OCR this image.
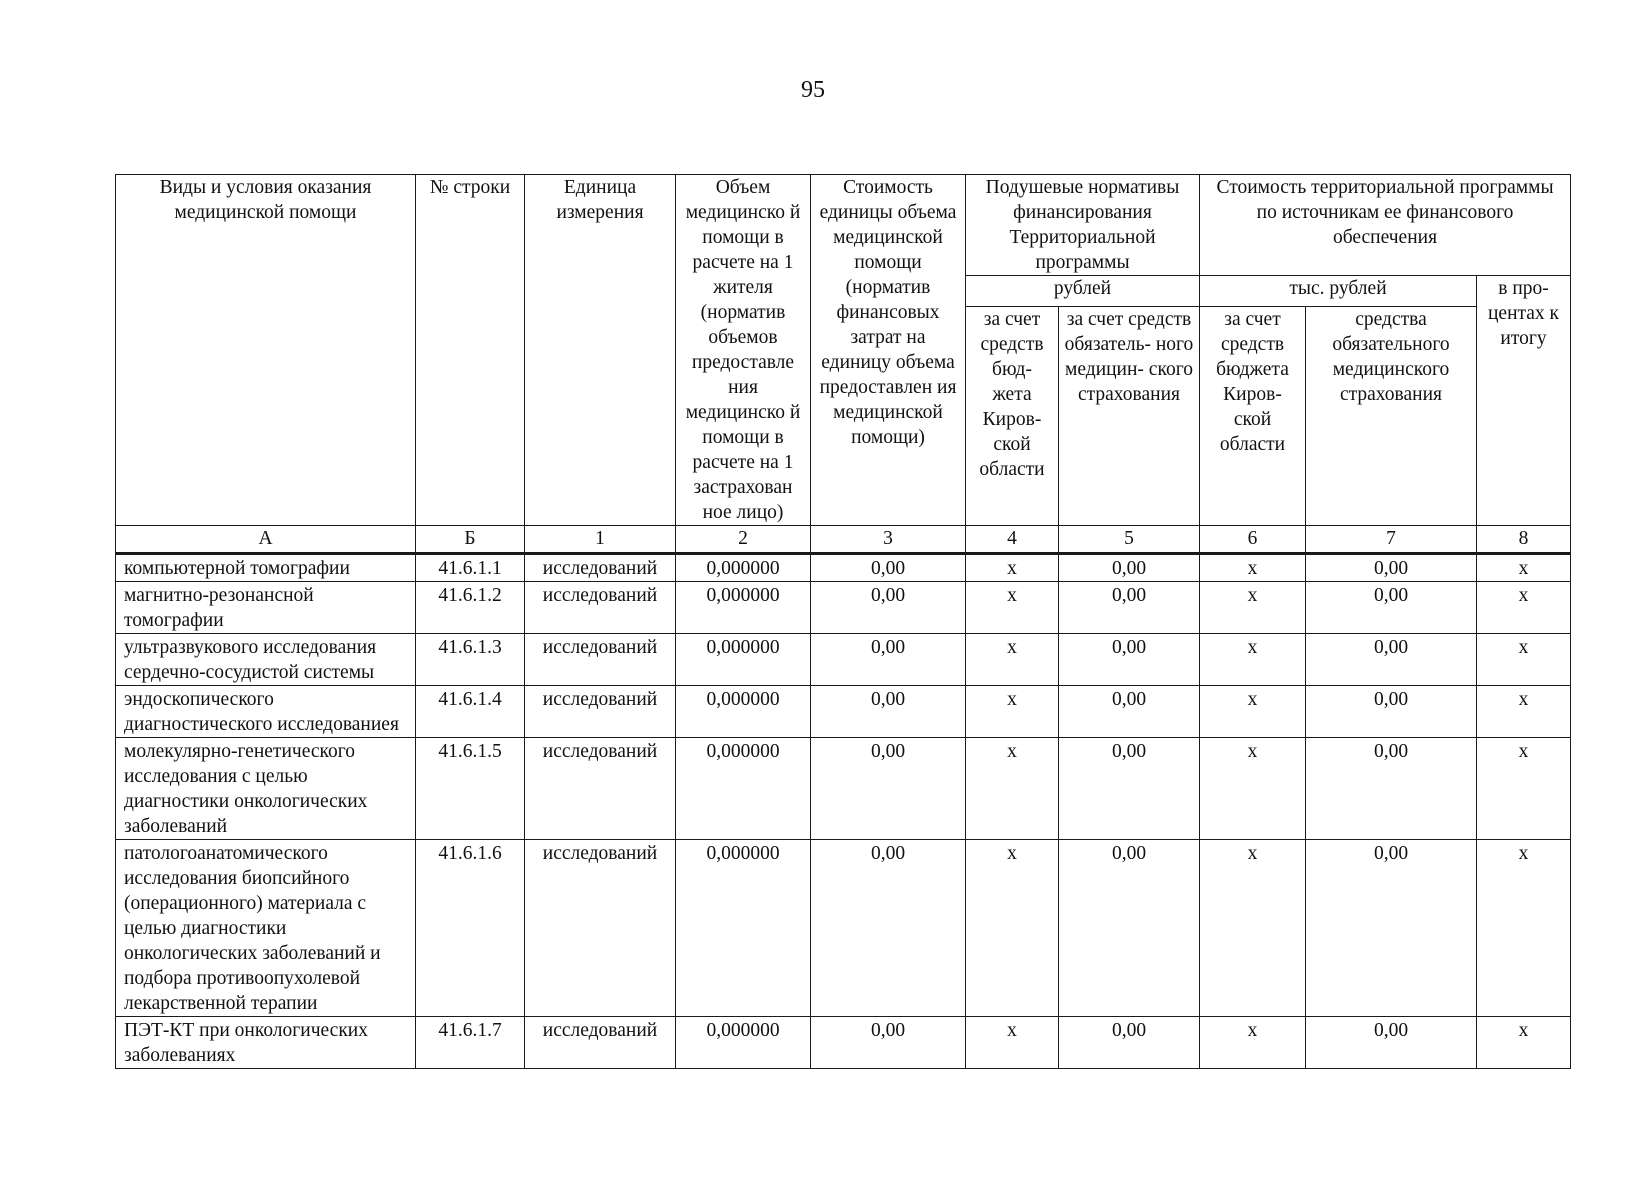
95
Виды и условия оказания медицинской помощи	№ строки	Единица измерения	Объем медицинско й помощи в расчете на 1 жителя (норматив объемов предоставле ния медицинско й помощи в расчете на 1 застрахован ное лицо)	Стоимость единицы объема медицинской помощи (норматив финансовых затрат на единицу объема предоставлен ия медицинской помощи)	Подушевые нормативы финансирования Территориальной программы		Стоимость территориальной программы по источникам ее финансового обеспечения		
					рублей		тыс. рублей		в про- центах к итогу
					за счет средств бюд- жета Киров- ской области	за счет средств обязатель- ного медицин- ского страхования	за счет средств бюджета Киров- ской области	средства обязательного медицинского страхования	
А	Б	1	2	3	4	5	6	7	8
компьютерной томографии	41.6.1.1	исследований	0,000000	0,00	х	0,00	х	0,00	х
магнитно-резонансной томографии	41.6.1.2	исследований	0,000000	0,00	х	0,00	х	0,00	х
ультразвукового исследования сердечно-сосудистой системы	41.6.1.3	исследований	0,000000	0,00	х	0,00	х	0,00	х
эндоскопического диагностического исследованиея	41.6.1.4	исследований	0,000000	0,00	х	0,00	х	0,00	х
молекулярно-генетического исследования с целью диагностики онкологических заболеваний	41.6.1.5	исследований	0,000000	0,00	х	0,00	х	0,00	х
патологоанатомического исследования биопсийного (операционного) материала с целью диагностики онкологических заболеваний и подбора противоопухолевой лекарственной терапии	41.6.1.6	исследований	0,000000	0,00	х	0,00	х	0,00	х
ПЭТ-КТ при онкологических заболеваниях	41.6.1.7	исследований	0,000000	0,00	х	0,00	х	0,00	х
